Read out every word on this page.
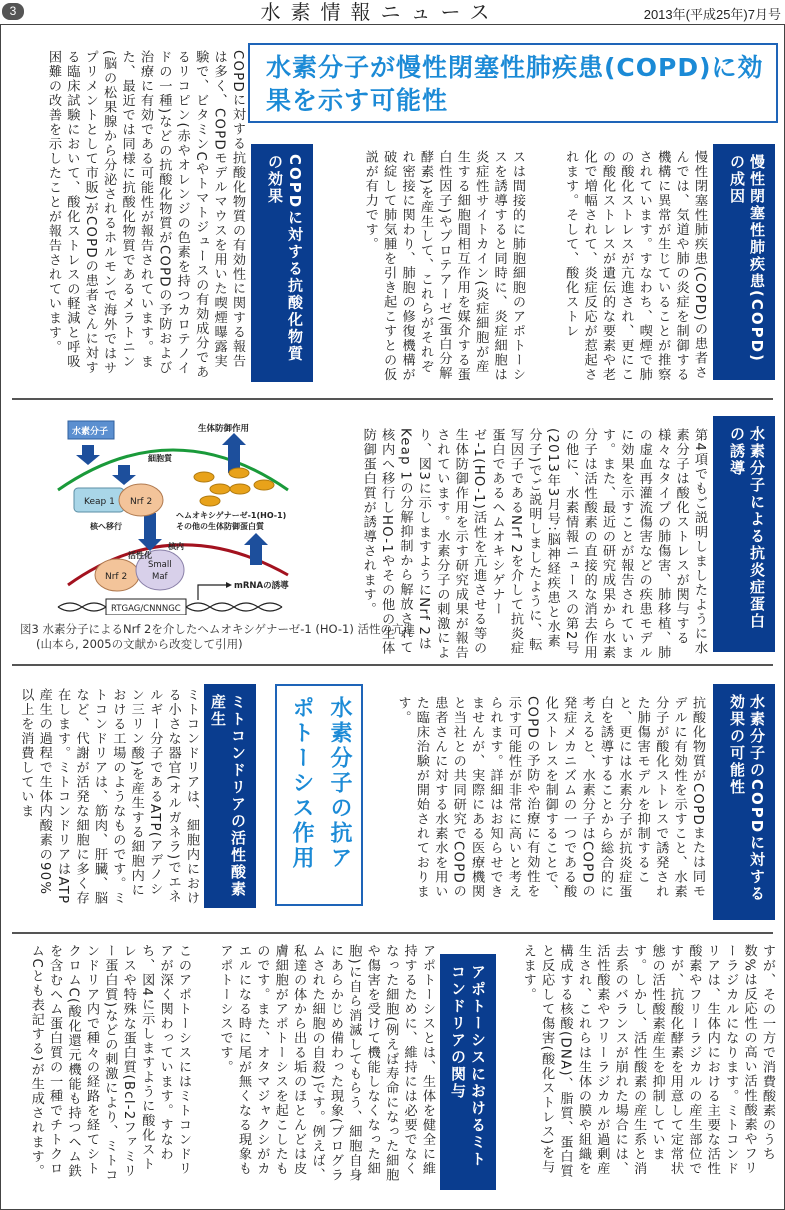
3	水素情報ニュース	2013年(平成25年)7月号
水素分子が慢性閉塞性肺疾患(COPD)に効果を示す可能性
慢性閉塞性肺疾患(COPD)の成因
慢性閉塞性肺疾患(COPD)の患者さんでは、気道や肺の炎症を制御する機構に異常が生じていることが推察されています。すなわち、喫煙で肺の酸化ストレスが亢進され、更にこの酸化ストレスが遺伝的な要素や老化で増幅されて、炎症反応が惹起されます。そして、酸化ストレ
スは間接的に肺胞細胞のアポトーシスを誘導すると同時に、炎症細胞は炎症性サイトカイン(炎症細胞が産生する細胞間相互作用を媒介する蛋白性因子)やプロテアーゼ(蛋白分解酵素)を産生して、これらがそれぞれ密接に関わり、肺胞の修復機構が破綻して肺気腫を引き起こすとの仮説が有力です。
COPDに対する抗酸化物質の効果
COPDに対する抗酸化物質の有効性に関する報告は多く、COPDモデルマウスを用いた喫煙曝露実験で、ビタミンCやトマトジュースの有効成分であるリコピン(赤やオレンジの色素を持つカロテノイドの一種)などの抗酸化物質がCOPDの予防および治療に有効である可能性が報告されています。また、最近では同様に抗酸化物質であるメラトニン(脳の松果腺から分泌されるホルモンで海外ではサプリメントとして市販)がCOPDの患者さんに対する臨床試験において、酸化ストレスの軽減と呼吸困難の改善を示したことが報告されています。
水素分子による抗炎症蛋白の誘導
第4項でもご説明しましたように水素分子は酸化ストレスが関与する様々なタイプの肺傷害、肺移植、肺の虚血再灌流傷害などの疾患モデルに効果を示すことが報告されています。また、最近の研究成果から水素分子は活性酸素の直接的な消去作用の他に、水素情報ニュースの第2号(2013年3月号:脳神経疾患と水素分子)でご説明しましたように、転写因子であるNrf 2を介して抗炎症蛋白であるヘムオキシゲナーゼ-1(HO-1)活性を亢進させる等の生体防御作用を示す研究成果が報告されています。水素分子の刺激により、図3に示しますようにNrf 2はKeap 1の分解抑制から解放されて核内へ移行しHO-1やその他の生体防御蛋白質が誘導されます。
水素分子	生体防御作用
細胞質
Keap 1 Nrf 2
ヘムオキシゲナーゼ-1(HO-1)
その他の生体防御蛋白質
核へ移行
活性化
核内
Nrf 2
Small
Maf
mRNAの誘導
RTGAG/CNNNGC
図3 水素分子によるNrf 2を介したヘムオキシゲナーゼ-1 (HO-1) 活性の亢進
(山本ら, 2005の文献から改変して引用)
水素分子のCOPDに対する効果の可能性
抗酸化物質がCOPDまたは同モデルに有効性を示すこと、水素分子が酸化ストレスで誘発された肺傷害モデルを抑制すること、更には水素分子が抗炎症蛋白を誘導することから総合的に考えると、水素分子はCOPDの発症メカニズムの一つである酸化ストレスを制御することで、COPDの予防や治療に有効性を示す可能性が非常に高いと考えられます。詳細はお知らせできませんが、実際にある医療機関と当社との共同研究でCOPDの患者さんに対する水素水を用いた臨床治験が開始されております。
水素分子の抗アポトーシス作用
ミトコンドリアの活性酸素産生
ミトコンドリアは、細胞内における小さな器官(オルガネラ)でエネルギー分子であるATP(アデノシン三リン酸)を産生する細胞内における工場のようなものです。ミトコンドリアは、筋肉、肝臓、脳など、代謝が活発な細胞に多く存在します。ミトコンドリアはATP産生の過程で生体内酸素の90%以上を消費していま
すが、その一方で消費酸素のうち数%は反応性の高い活性酸素やフリーラジカルになります。ミトコンドリアは、生体内における主要な活性酸素やフリーラジカルの産生部位ですが、抗酸化酵素を用意して定常状態の活性酸素産生を抑制しています。しかし、活性酸素の産生系と消去系のバランスが崩れた場合には、活性酸素やフリーラジカルが過剰産生され、これらは生体の膜や組織を構成する核酸(DNA)、脂質、蛋白質と反応して傷害(酸化ストレス)を与えます。
アポトーシスにおけるミトコンドリアの関与
アポトーシスとは、生体を健全に維持するために、維持には必要でなくなった細胞(例えば寿命になった細胞や傷害を受けて機能しなくなった細胞)に自ら消滅してもらう、細胞自身にあらかじめ備わった現象(プログラムされた細胞の自殺)です。例えば、私達の体から出る垢のほとんどは皮膚細胞がアポトーシスを起こしたものです。また、オタマジャクシがカエルになる時に尾が無くなる現象もアポトーシスです。
このアポトーシスにはミトコンドリアが深く関わっています。すなわち、図4に示しますように酸化ストレスや特殊な蛋白質(Bcl-2ファミリー蛋白質)などの刺激により、ミトコンドリア内で種々の経路を経てシトクロムC(酸化還元機能も持つヘム鉄を含むヘム蛋白質の一種でチトクロムCとも表記する)が生成されます。
